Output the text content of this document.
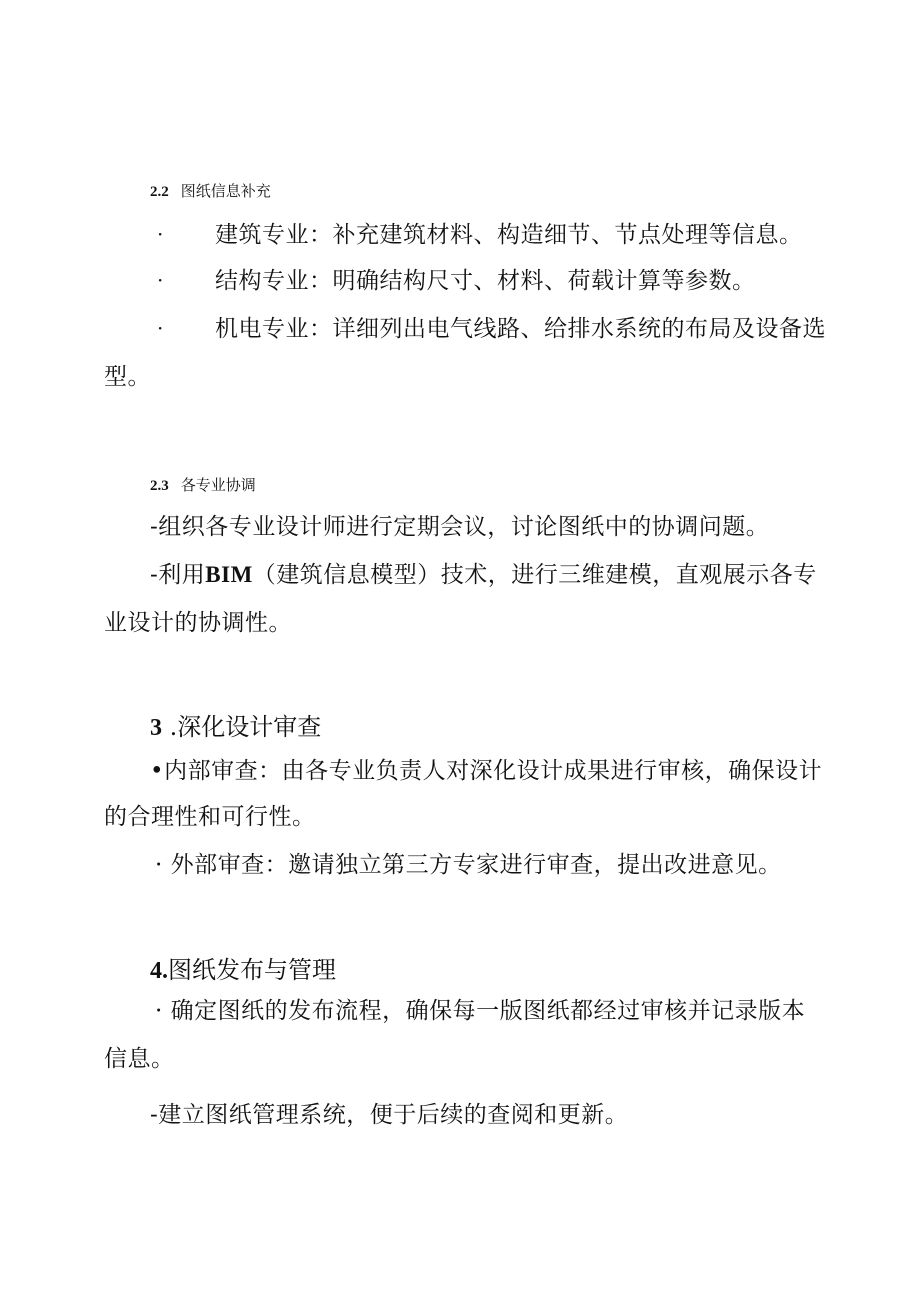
2.2 图纸信息补充
· 建筑专业：补充建筑材料、构造细节、节点处理等信息。
· 结构专业：明确结构尺寸、材料、荷载计算等参数。
· 机电专业：详细列出电气线路、给排水系统的布局及设备选
型。
2.3 各专业协调
-组织各专业设计师进行定期会议，讨论图纸中的协调问题。
-利用BIM（建筑信息模型）技术，进行三维建模，直观展示各专
业设计的协调性。
3 .深化设计审查
•内部审查：由各专业负责人对深化设计成果进行审核，确保设计
的合理性和可行性。
· 外部审查：邀请独立第三方专家进行审查，提出改进意见。
4.图纸发布与管理
· 确定图纸的发布流程，确保每一版图纸都经过审核并记录版本
信息。
-建立图纸管理系统，便于后续的查阅和更新。
